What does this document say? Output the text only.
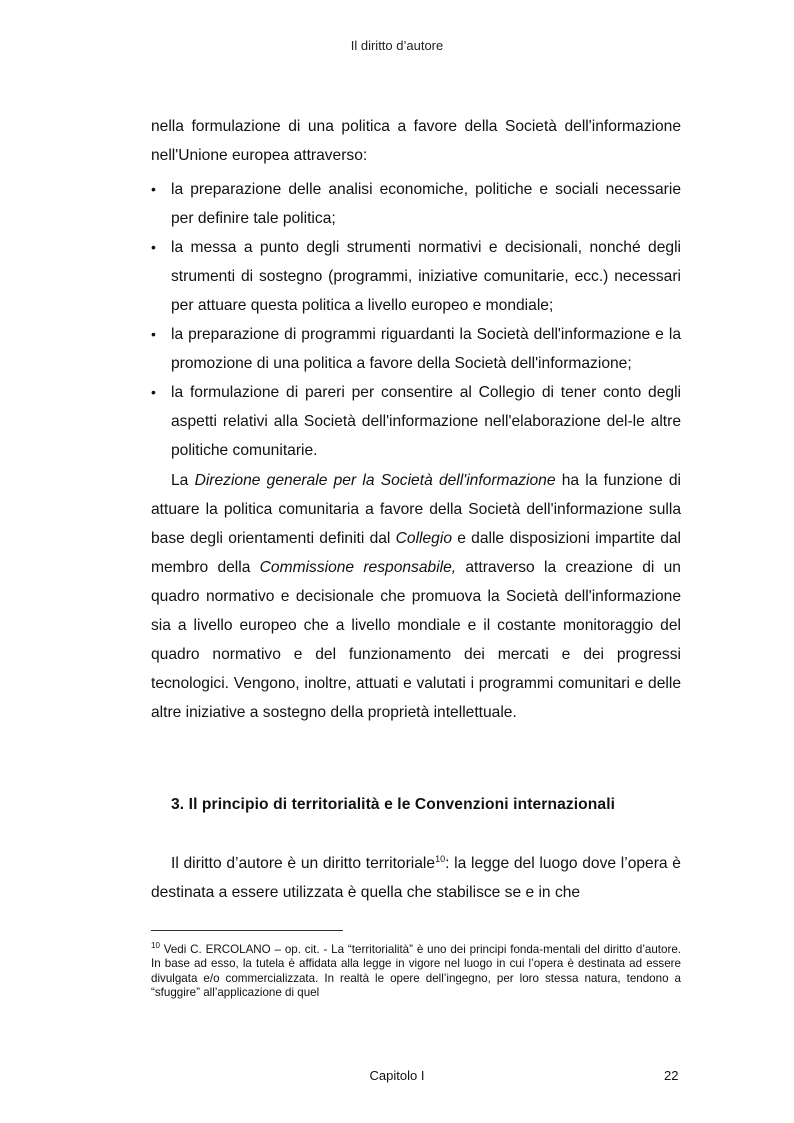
Il diritto d’autore

nella formulazione di una politica a favore della Società dell'informazione nell'Unione europea attraverso:

• la preparazione delle analisi economiche, politiche e sociali necessarie per definire tale politica;
• la messa a punto degli strumenti normativi e decisionali, nonché degli strumenti di sostegno (programmi, iniziative comunitarie, ecc.) necessari per attuare questa politica a livello europeo e mondiale;
• la preparazione di programmi riguardanti la Società dell'informazione e la promozione di una politica a favore della Società dell'informazione;
• la formulazione di pareri per consentire al Collegio di tener conto degli aspetti relativi alla Società dell'informazione nell'elaborazione del-le altre politiche comunitarie.

La Direzione generale per la Società dell'informazione ha la funzione di attuare la politica comunitaria a favore della Società dell'informazione sulla base degli orientamenti definiti dal Collegio e dalle disposizioni impartite dal membro della Commissione responsabile, attraverso la creazione di un quadro normativo e decisionale che promuova la Società dell'informazione sia a livello europeo che a livello mondiale e il costante monitoraggio del quadro normativo e del funzionamento dei mercati e dei progressi tecnologici. Vengono, inoltre, attuati e valutati i programmi comunitari e delle altre iniziative a sostegno della proprietà intellettuale.

3. Il principio di territorialità e le Convenzioni internazionali

Il diritto d’autore è un diritto territoriale$^{10}$: la legge del luogo dove l’opera è destinata a essere utilizzata è quella che stabilisce se e in che

$^{10}$ Vedi C. ERCOLANO – op. cit. - La “territorialità” è uno dei principi fonda-mentali del diritto d’autore. In base ad esso, la tutela è affidata alla legge in vigore nel luogo in cui l’opera è destinata ad essere divulgata e/o commercializzata. In realtà le opere dell’ingegno, per loro stessa natura, tendono a “sfuggire” all’applicazione di quel
Capitolo I	22
